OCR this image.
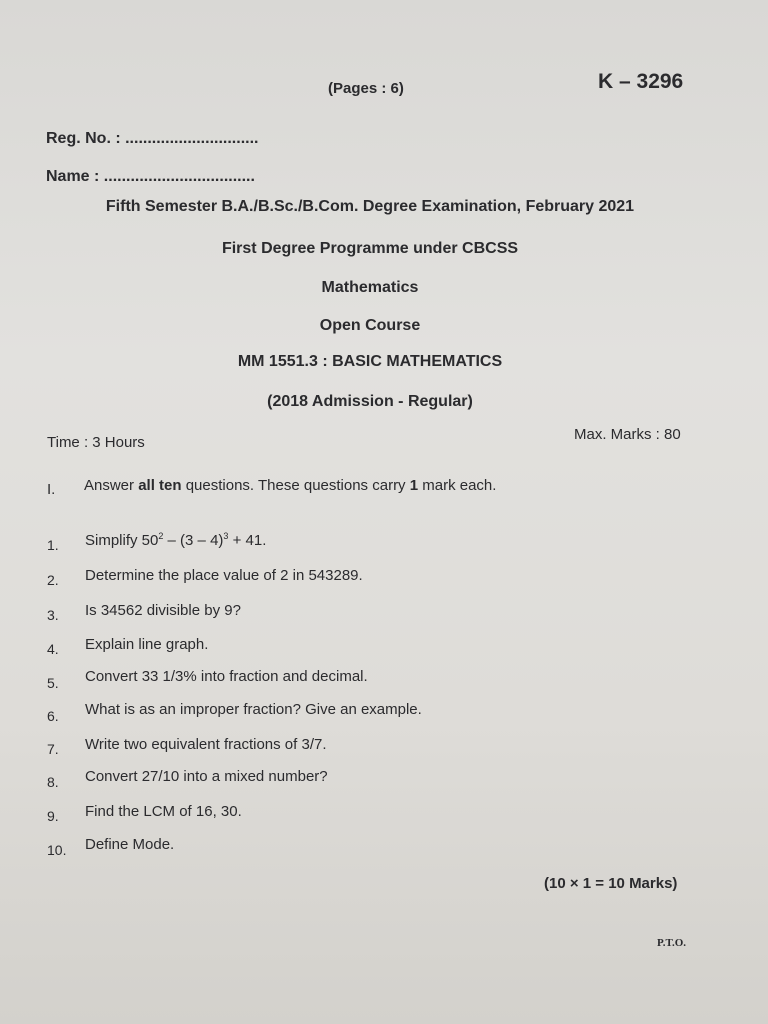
(Pages : 6)	K – 3296
Reg. No. : ..............................
Name : ..................................
Fifth Semester B.A./B.Sc./B.Com. Degree Examination, February 2021
First Degree Programme under CBCSS
Mathematics
Open Course
MM 1551.3 : BASIC MATHEMATICS
(2018 Admission - Regular)
Time : 3 Hours	Max. Marks : 80
I. Answer all ten questions. These questions carry 1 mark each.
1. Simplify $50^2 - (3 - 4)^3 + 41$.
2. Determine the place value of 2 in 543289.
3. Is 34562 divisible by 9?
4. Explain line graph.
5. Convert 33 1/3% into fraction and decimal.
6. What is as an improper fraction? Give an example.
7. Write two equivalent fractions of 3/7.
8. Convert 27/10 into a mixed number?
9. Find the LCM of 16, 30.
10. Define Mode.
(10 × 1 = 10 Marks)
P.T.O.
